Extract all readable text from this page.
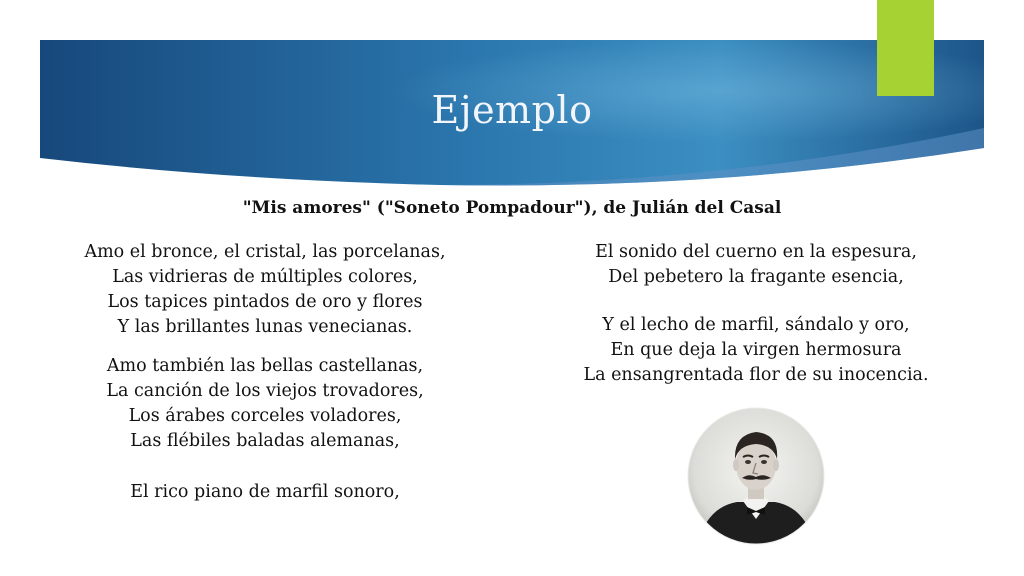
Ejemplo
"Mis amores" ("Soneto Pompadour"), de Julián del Casal
Amo el bronce, el cristal, las porcelanas,
Las vidrieras de múltiples colores,
Los tapices pintados de oro y flores
Y las brillantes lunas venecianas.
Amo también las bellas castellanas,
La canción de los viejos trovadores,
Los árabes corceles voladores,
Las flébiles baladas alemanas,
El rico piano de marfil sonoro,
El sonido del cuerno en la espesura,
Del pebetero la fragante esencia,
Y el lecho de marfil, sándalo y oro,
En que deja la virgen hermosura
La ensangrentada flor de su inocencia.
